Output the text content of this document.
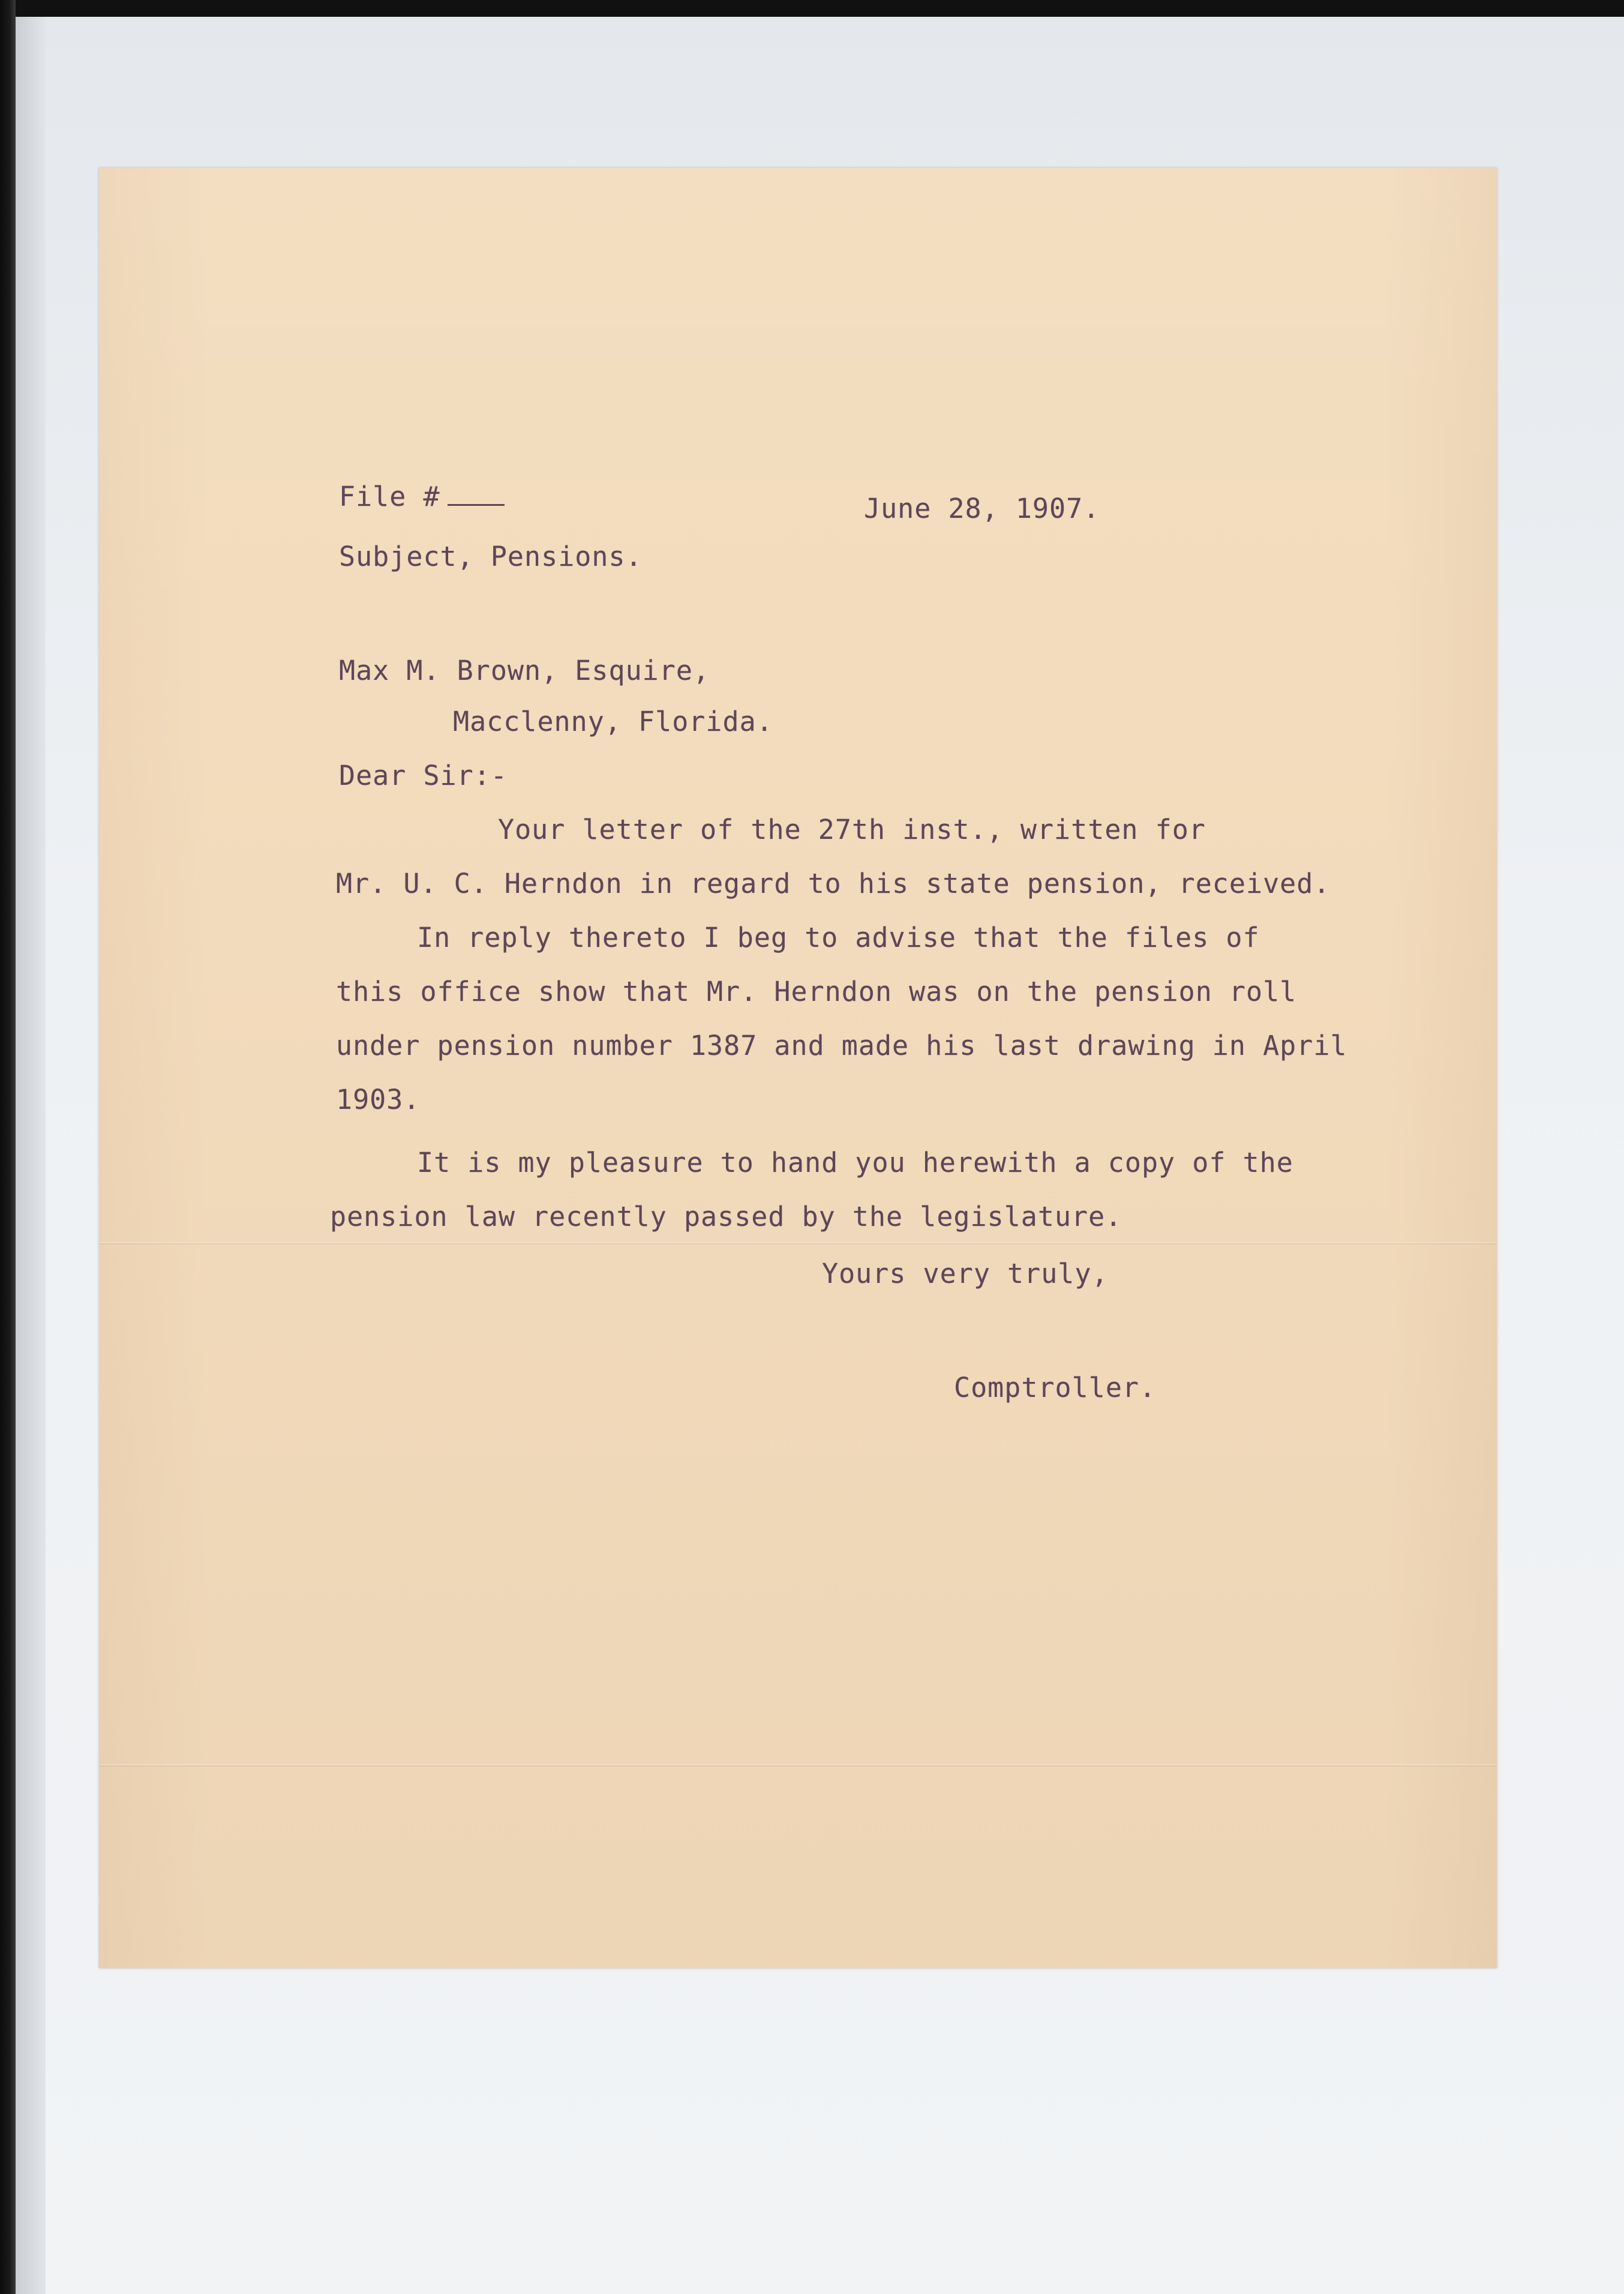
File #	June 28, 1907.
Subject, Pensions.
Max M. Brown, Esquire,
Macclenny, Florida.
Dear Sir:-
Your letter of the 27th inst., written for
Mr. U. C. Herndon in regard to his state pension, received.
In reply thereto I beg to advise that the files of
this office show that Mr. Herndon was on the pension roll
under pension number 1387 and made his last drawing in April
1903.
It is my pleasure to hand you herewith a copy of the
pension law recently passed by the legislature.
Yours very truly,
Comptroller.
